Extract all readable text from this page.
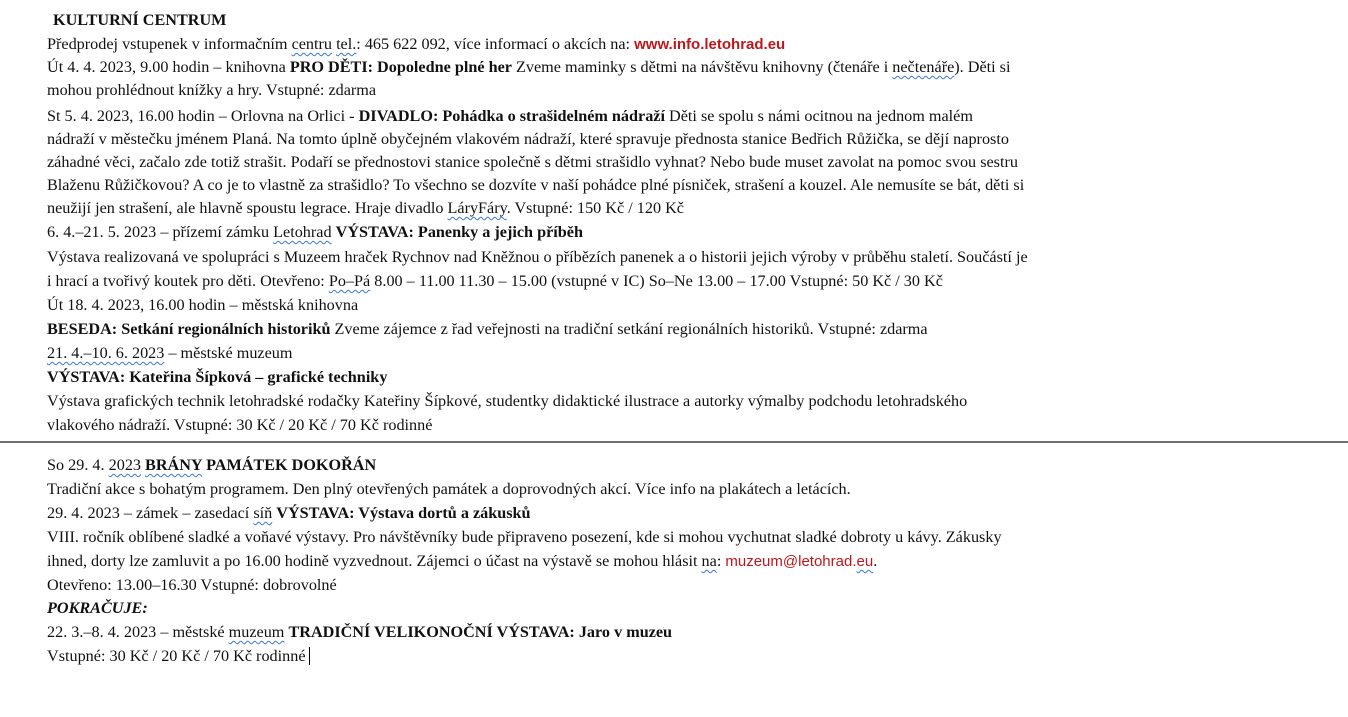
KULTURNÍ CENTRUM
Předprodej vstupenek v informačním centru tel.: 465 622 092, více informací o akcích na: www.info.letohrad.eu
Út 4. 4. 2023, 9.00 hodin – knihovna PRO DĚTI: Dopoledne plné her Zveme maminky s dětmi na návštěvu knihovny (čtenáře i nečtenáře). Děti si
mohou prohlédnout knížky a hry. Vstupné: zdarma
St 5. 4. 2023, 16.00 hodin – Orlovna na Orlici - DIVADLO: Pohádka o strašidelném nádraží Děti se spolu s námi ocitnou na jednom malém
nádraží v městečku jménem Planá. Na tomto úplně obyčejném vlakovém nádraží, které spravuje přednosta stanice Bedřich Růžička, se dějí naprosto
záhadné věci, začalo zde totiž strašit. Podaří se přednostovi stanice společně s dětmi strašidlo vyhnat? Nebo bude muset zavolat na pomoc svou sestru
Blaženu Růžičkovou? A co je to vlastně za strašidlo? To všechno se dozvíte v naší pohádce plné písniček, strašení a kouzel. Ale nemusíte se bát, děti si
neužijí jen strašení, ale hlavně spoustu legrace. Hraje divadlo LáryFáry. Vstupné: 150 Kč / 120 Kč
6. 4.–21. 5. 2023 – přízemí zámku Letohrad VÝSTAVA: Panenky a jejich příběh
Výstava realizovaná ve spolupráci s Muzeem hraček Rychnov nad Kněžnou o příbězích panenek a o historii jejich výroby v průběhu staletí. Součástí je
i hrací a tvořivý koutek pro děti. Otevřeno: Po–Pá 8.00 – 11.00 11.30 – 15.00 (vstupné v IC) So–Ne 13.00 – 17.00 Vstupné: 50 Kč / 30 Kč
Út 18. 4. 2023, 16.00 hodin – městská knihovna
BESEDA: Setkání regionálních historiků Zveme zájemce z řad veřejnosti na tradiční setkání regionálních historiků. Vstupné: zdarma
21. 4.–10. 6. 2023 – městské muzeum
VÝSTAVA: Kateřina Šípková – grafické techniky
Výstava grafických technik letohradské rodačky Kateřiny Šípkové, studentky didaktické ilustrace a autorky výmalby podchodu letohradského
vlakového nádraží. Vstupné: 30 Kč / 20 Kč / 70 Kč rodinné
So 29. 4. 2023 BRÁNY PAMÁTEK DOKOŘÁN
Tradiční akce s bohatým programem. Den plný otevřených památek a doprovodných akcí. Více info na plakátech a letácích.
29. 4. 2023 – zámek – zasedací síň VÝSTAVA: Výstava dortů a zákusků
VIII. ročník oblíbené sladké a voňavé výstavy. Pro návštěvníky bude připraveno posezení, kde si mohou vychutnat sladké dobroty u kávy. Zákusky
ihned, dorty lze zamluvit a po 16.00 hodině vyzvednout. Zájemci o účast na výstavě se mohou hlásit na: muzeum@letohrad.eu.
Otevřeno: 13.00–16.30 Vstupné: dobrovolné
POKRAČUJE:
22. 3.–8. 4. 2023 – městské muzeum TRADIČNÍ VELIKONOČNÍ VÝSTAVA: Jaro v muzeu
Vstupné: 30 Kč / 20 Kč / 70 Kč rodinné
